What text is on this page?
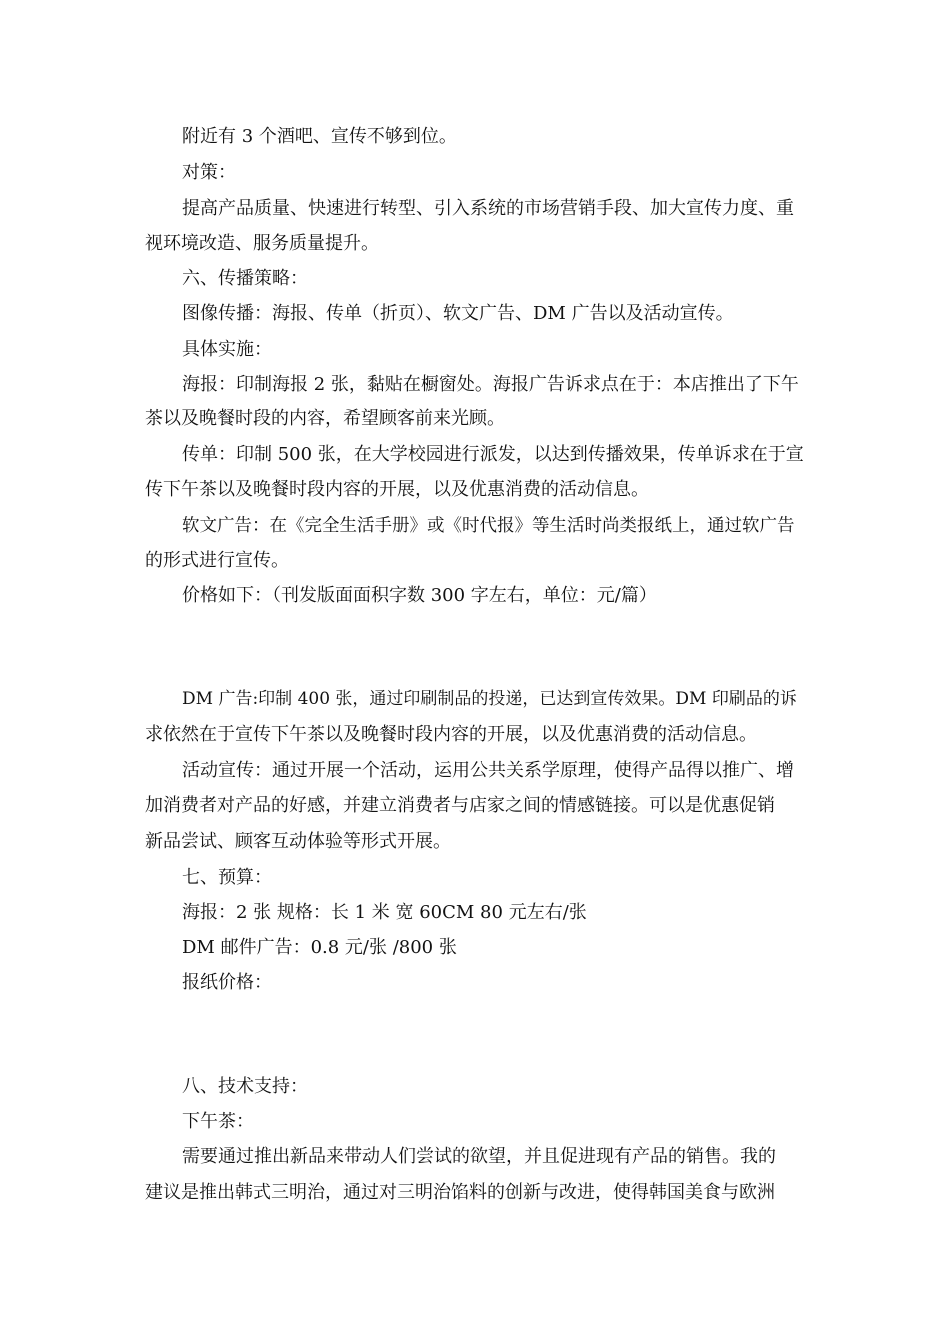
附近有 3 个酒吧、宣传不够到位。

对策：

提高产品质量、快速进行转型、引入系统的市场营销手段、加大宣传力度、重

视环境改造、服务质量提升。

六、传播策略：

图像传播：海报、传单（折页）、软文广告、DM 广告以及活动宣传。

具体实施：

海报：印制海报 2 张，黏贴在橱窗处。海报广告诉求点在于：本店推出了下午

茶以及晚餐时段的内容，希望顾客前来光顾。

传单：印制 500 张，在大学校园进行派发，以达到传播效果，传单诉求在于宣

传下午茶以及晚餐时段内容的开展，以及优惠消费的活动信息。

软文广告：在《完全生活手册》或《时代报》等生活时尚类报纸上，通过软广告

的形式进行宣传。

价格如下：（刊发版面面积字数 300 字左右，单位：元/篇）

DM 广告:印制 400 张，通过印刷制品的投递，已达到宣传效果。DM 印刷品的诉

求依然在于宣传下午茶以及晚餐时段内容的开展，以及优惠消费的活动信息。

活动宣传：通过开展一个活动，运用公共关系学原理，使得产品得以推广、增

加消费者对产品的好感，并建立消费者与店家之间的情感链接。可以是优惠促销

新品尝试、顾客互动体验等形式开展。

七、预算：

海报：2 张 规格：长 1 米 宽 60CM 80 元左右/张

DM 邮件广告：0.8 元/张 /800 张

报纸价格：

八、技术支持：

下午茶：

需要通过推出新品来带动人们尝试的欲望，并且促进现有产品的销售。我的

建议是推出韩式三明治，通过对三明治馅料的创新与改进，使得韩国美食与欧洲
